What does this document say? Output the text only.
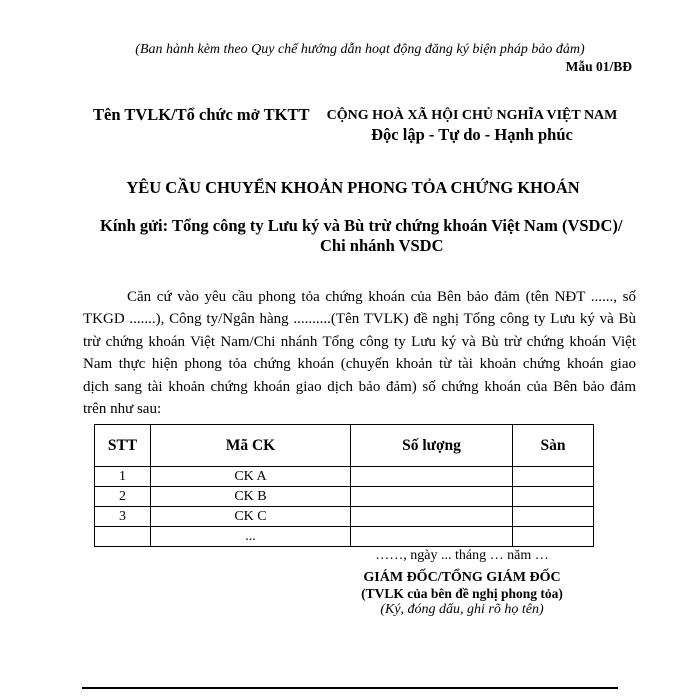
(Ban hành kèm theo Quy chế hướng dẫn hoạt động đăng ký biện pháp bảo đảm)
Mẫu 01/BĐ
Tên TVLK/Tổ chức mở TKTT	CỘNG HOÀ XÃ HỘI CHỦ NGHĨA VIỆT NAM
Độc lập - Tự do - Hạnh phúc
YÊU CẦU CHUYỂN KHOẢN PHONG TỎA CHỨNG KHOÁN
Kính gửi: Tổng công ty Lưu ký và Bù trừ chứng khoán Việt Nam (VSDC)/
Chi nhánh VSDC
Căn cứ vào yêu cầu phong tỏa chứng khoán của Bên bảo đảm (tên NĐT ......, số
TKGD .......), Công ty/Ngân hàng ..........(Tên TVLK) đề nghị Tổng công ty Lưu ký và Bù
trừ chứng khoán Việt Nam/Chi nhánh Tổng công ty Lưu ký và Bù trừ chứng khoán Việt
Nam thực hiện phong tỏa chứng khoán (chuyển khoản từ tài khoản chứng khoán giao
dịch sang tài khoản chứng khoán giao dịch bảo đảm) số chứng khoán của Bên bảo đảm
trên như sau:
STT	Mã CK	Số lượng	Sàn
1	CK A		
2	CK B		
3	CK C		
	...		
……, ngày ... tháng … năm …
GIÁM ĐỐC/TỔNG GIÁM ĐỐC
(TVLK của bên đề nghị phong tỏa)
(Ký, đóng dấu, ghi rõ họ tên)
